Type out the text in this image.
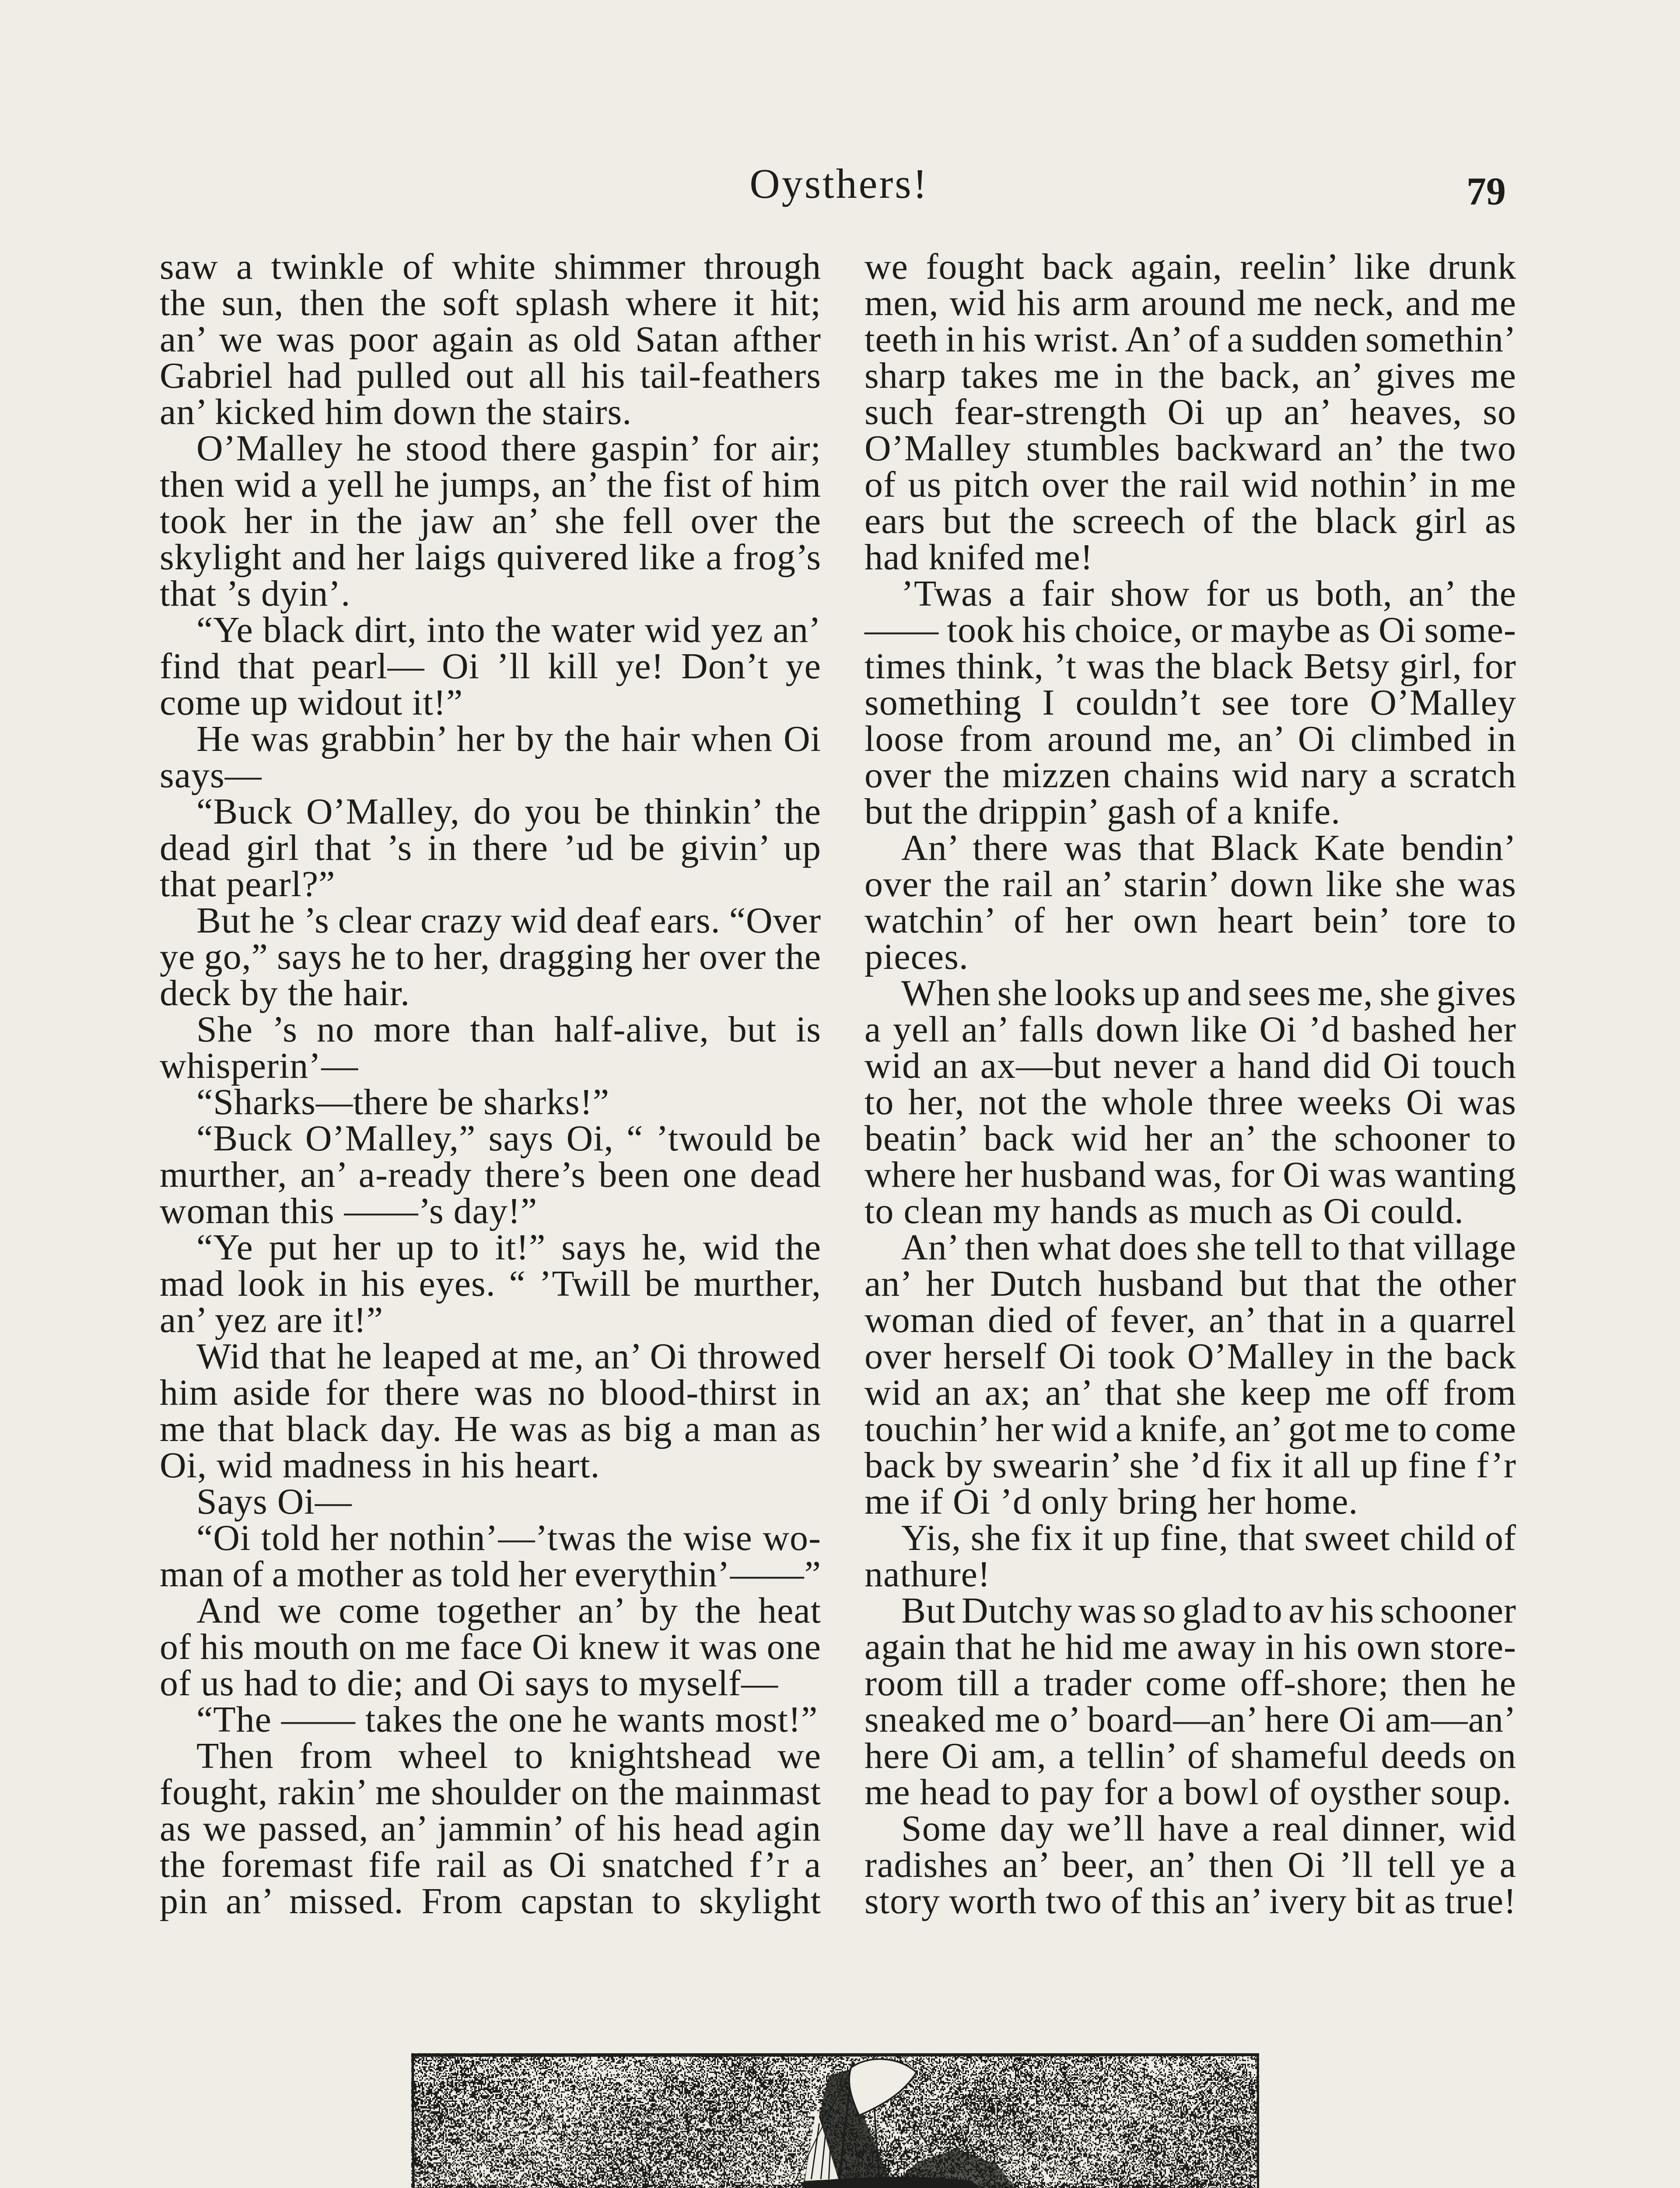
Oysthers!	79
saw a twinkle of white shimmer through
the sun, then the soft splash where it hit;
an’ we was poor again as old Satan afther
Gabriel had pulled out all his tail-feathers
an’ kicked him down the stairs.
O’Malley he stood there gaspin’ for air;
then wid a yell he jumps, an’ the fist of him
took her in the jaw an’ she fell over the
skylight and her laigs quivered like a frog’s
that ’s dyin’.
“Ye black dirt, into the water wid yez an’
find that pearl— Oi ’ll kill ye! Don’t ye
come up widout it!”
He was grabbin’ her by the hair when Oi
says—
“Buck O’Malley, do you be thinkin’ the
dead girl that ’s in there ’ud be givin’ up
that pearl?”
But he ’s clear crazy wid deaf ears. “Over
ye go,” says he to her, dragging her over the
deck by the hair.
She ’s no more than half-alive, but is
whisperin’—
“Sharks—there be sharks!”
“Buck O’Malley,” says Oi, “ ’twould be
murther, an’ a-ready there’s been one dead
woman this ——’s day!”
“Ye put her up to it!” says he, wid the
mad look in his eyes. “ ’Twill be murther,
an’ yez are it!”
Wid that he leaped at me, an’ Oi throwed
him aside for there was no blood-thirst in
me that black day. He was as big a man as
Oi, wid madness in his heart.
Says Oi—
“Oi told her nothin’—’twas the wise wo-
man of a mother as told her everythin’——”
And we come together an’ by the heat
of his mouth on me face Oi knew it was one
of us had to die; and Oi says to myself—
“The —— takes the one he wants most!”
Then from wheel to knightshead we
fought, rakin’ me shoulder on the mainmast
as we passed, an’ jammin’ of his head agin
the foremast fife rail as Oi snatched f’r a
pin an’ missed. From capstan to skylight
we fought back again, reelin’ like drunk
men, wid his arm around me neck, and me
teeth in his wrist. An’ of a sudden somethin’
sharp takes me in the back, an’ gives me
such fear-strength Oi up an’ heaves, so
O’Malley stumbles backward an’ the two
of us pitch over the rail wid nothin’ in me
ears but the screech of the black girl as
had knifed me!
’Twas a fair show for us both, an’ the
—— took his choice, or maybe as Oi some-
times think, ’t was the black Betsy girl, for
something I couldn’t see tore O’Malley
loose from around me, an’ Oi climbed in
over the mizzen chains wid nary a scratch
but the drippin’ gash of a knife.
An’ there was that Black Kate bendin’
over the rail an’ starin’ down like she was
watchin’ of her own heart bein’ tore to
pieces.
When she looks up and sees me, she gives
a yell an’ falls down like Oi ’d bashed her
wid an ax—but never a hand did Oi touch
to her, not the whole three weeks Oi was
beatin’ back wid her an’ the schooner to
where her husband was, for Oi was wanting
to clean my hands as much as Oi could.
An’ then what does she tell to that village
an’ her Dutch husband but that the other
woman died of fever, an’ that in a quarrel
over herself Oi took O’Malley in the back
wid an ax; an’ that she keep me off from
touchin’ her wid a knife, an’ got me to come
back by swearin’ she ’d fix it all up fine f’r
me if Oi ’d only bring her home.
Yis, she fix it up fine, that sweet child of
nathure!
But Dutchy was so glad to av his schooner
again that he hid me away in his own store-
room till a trader come off-shore; then he
sneaked me o’ board—an’ here Oi am—an’
here Oi am, a tellin’ of shameful deeds on
me head to pay for a bowl of oysther soup.
Some day we’ll have a real dinner, wid
radishes an’ beer, an’ then Oi ’ll tell ye a
story worth two of this an’ ivery bit as true!
